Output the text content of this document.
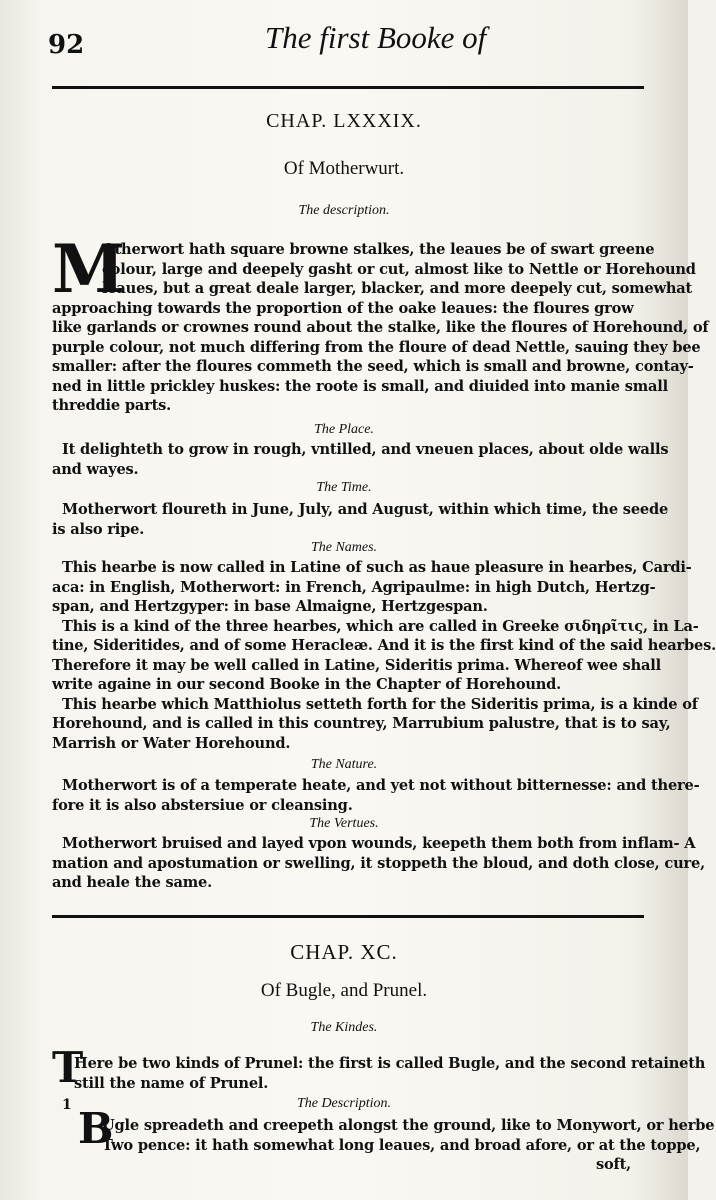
92	The first Booke of
CHAP. LXXXIX.
Of Motherwurt.
The description.
M
Otherwort hath square browne stalkes, the leaues be of swart greene
colour, large and deepely gasht or cut, almost like to Nettle or Horehound
leaues, but a great deale larger, blacker, and more deepely cut, somewhat
approaching towards the proportion of the oake leaues: the floures grow
like garlands or crownes round about the stalke, like the floures of Horehound, of
purple colour, not much differing from the floure of dead Nettle, sauing they bee
smaller: after the floures commeth the seed, which is small and browne, contay-
ned in little prickley huskes: the roote is small, and diuided into manie small
threddie parts.
The Place.
It delighteth to grow in rough, vntilled, and vneuen places, about olde walls
and wayes.
The Time.
Motherwort floureth in June, July, and August, within which time, the seede
is also ripe.
The Names.
This hearbe is now called in Latine of such as haue pleasure in hearbes, Cardi-
aca: in English, Motherwort: in French, Agripaulme: in high Dutch, Hertzg-
span, and Hertzgyper: in base Almaigne, Hertzgespan.
This is a kind of the three hearbes, which are called in Greeke σιδηρῖτις, in La-
tine, Sideritides, and of some Heracleæ. And it is the first kind of the said hearbes.
Therefore it may be well called in Latine, Sideritis prima. Whereof wee shall
write againe in our second Booke in the Chapter of Horehound.
This hearbe which Matthiolus setteth forth for the Sideritis prima, is a kinde of
Horehound, and is called in this countrey, Marrubium palustre, that is to say,
Marrish or Water Horehound.
The Nature.
Motherwort is of a temperate heate, and yet not without bitternesse: and there-
fore it is also abstersiue or cleansing.
The Vertues.
Motherwort bruised and layed vpon wounds, keepeth them both from inflam- A
mation and apostumation or swelling, it stoppeth the bloud, and doth close, cure,
and heale the same.
CHAP. XC.
Of Bugle, and Prunel.
The Kindes.
T
Here be two kinds of Prunel: the first is called Bugle, and the second retaineth
still the name of Prunel.
The Description.
1 B
Ugle spreadeth and creepeth alongst the ground, like to Monywort, or herbe
Two pence: it hath somewhat long leaues, and broad afore, or at the toppe,
soft,
